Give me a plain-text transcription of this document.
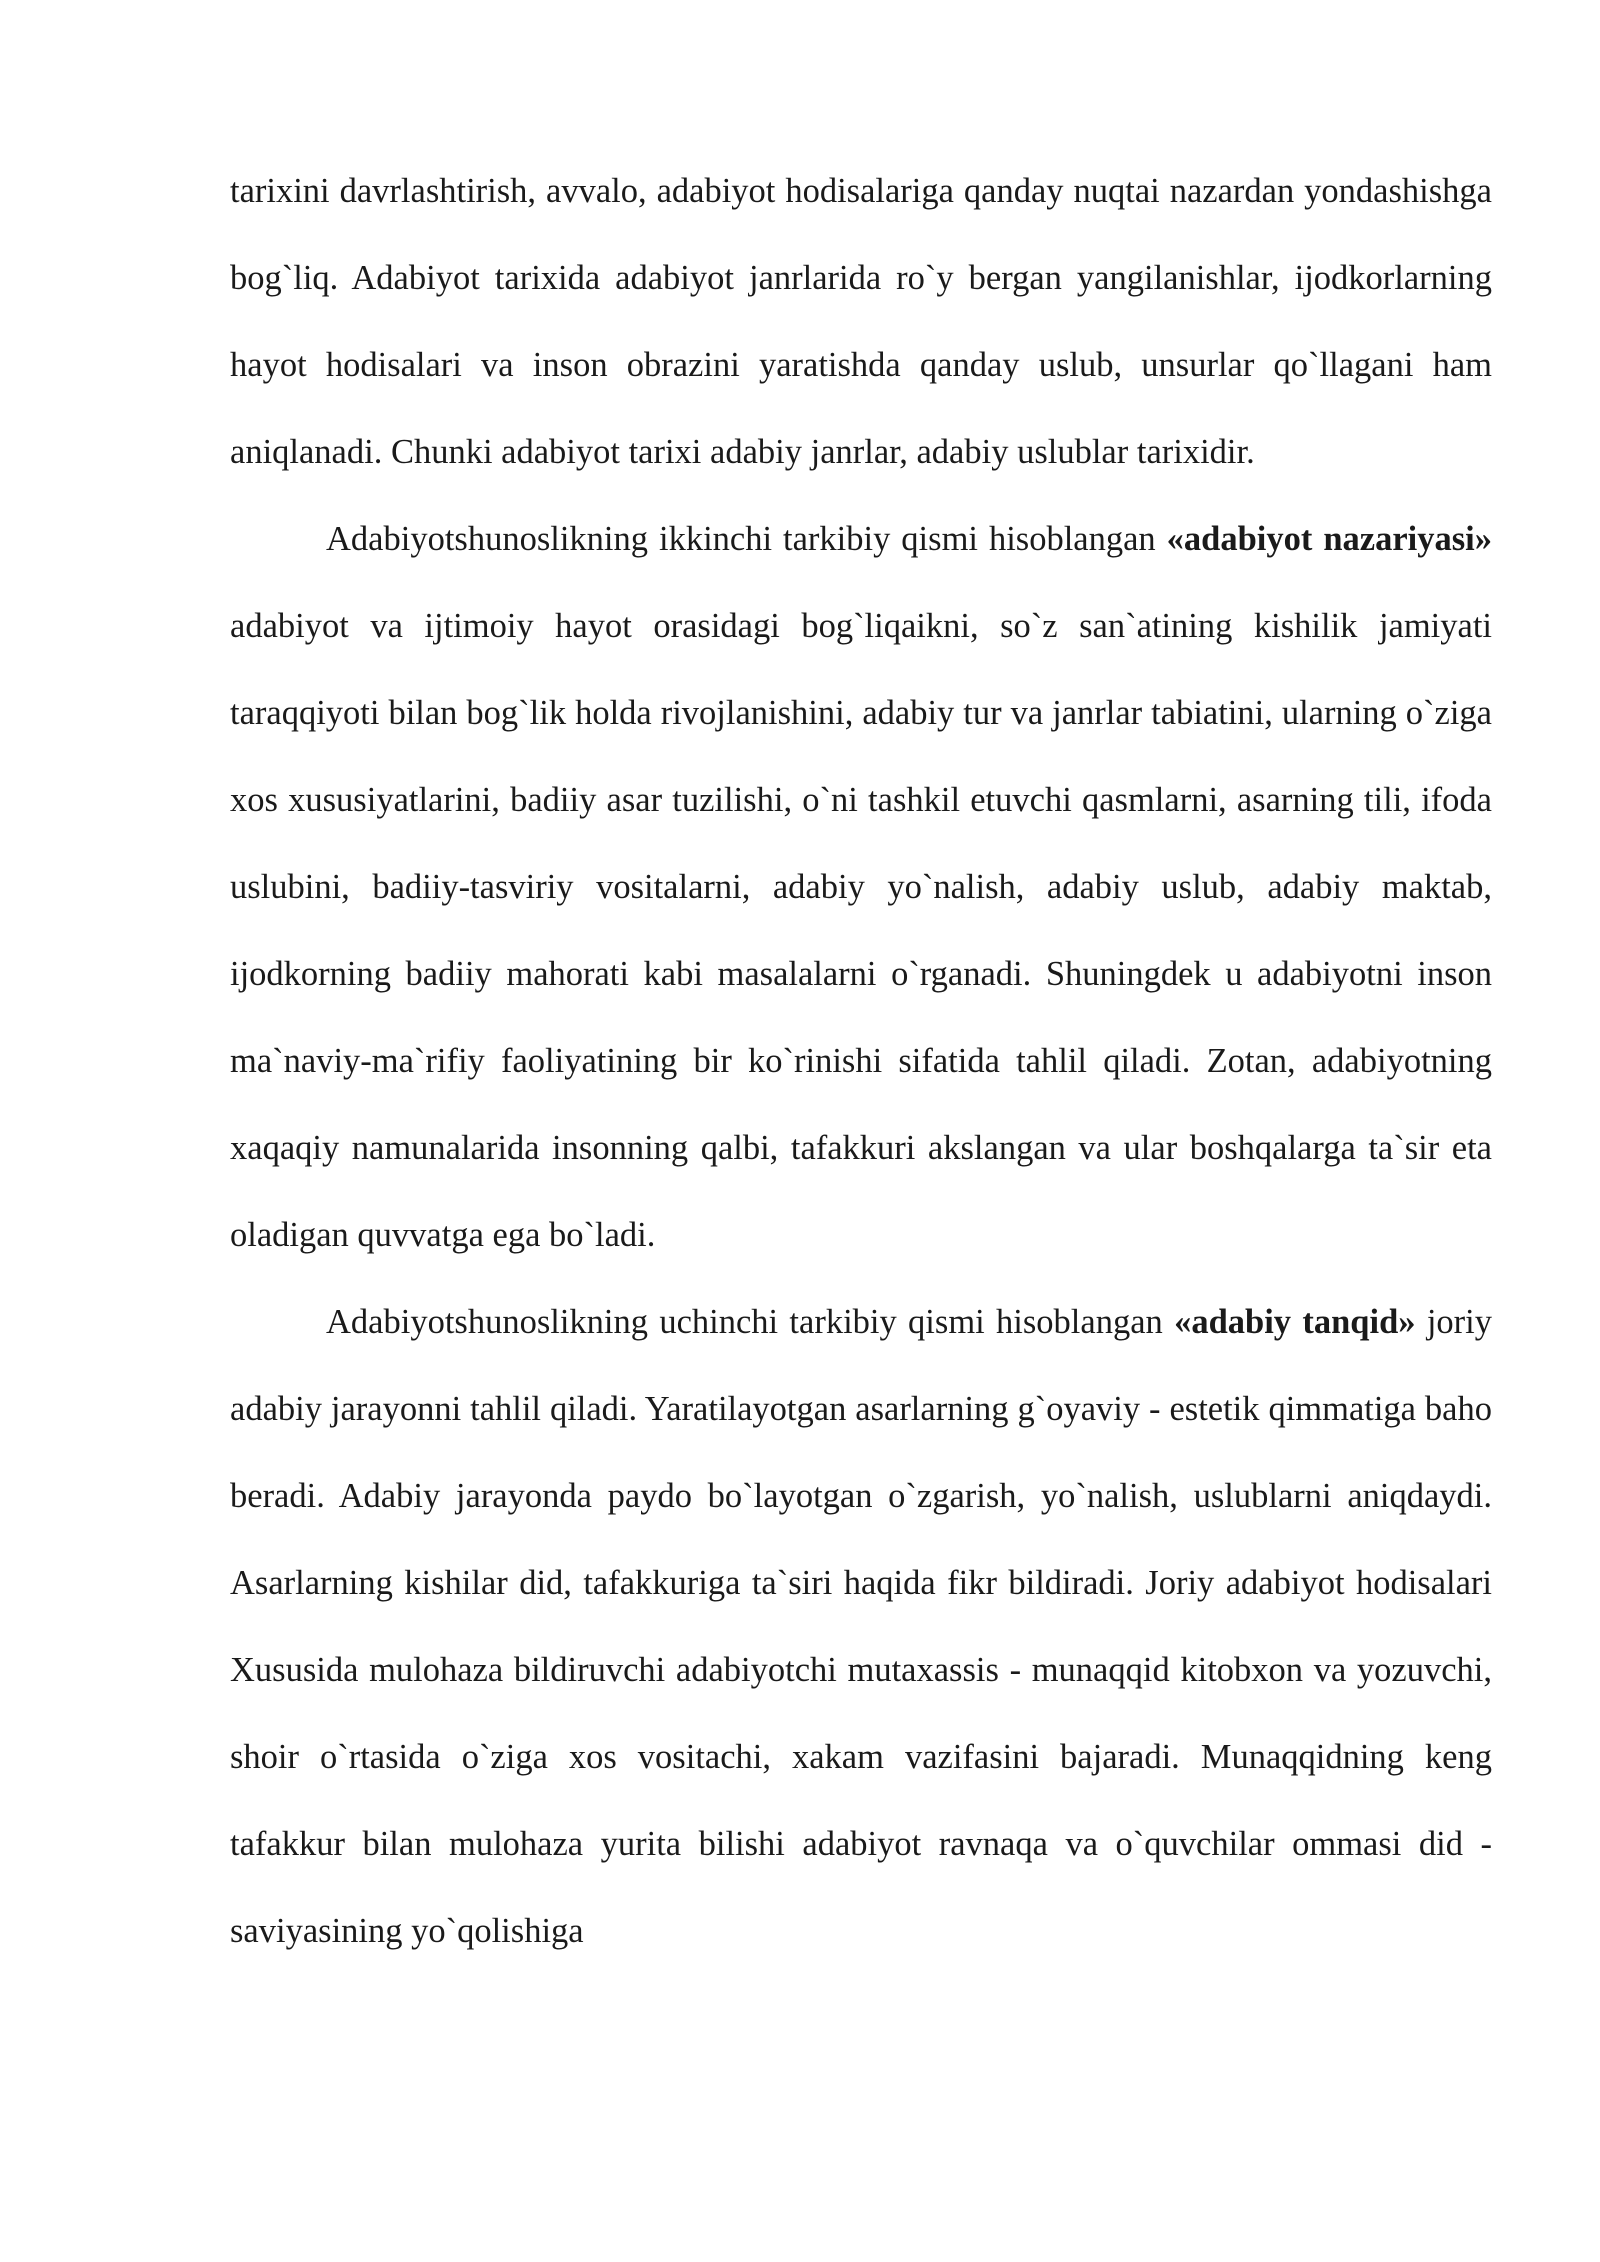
tarixini davrlashtirish, avvalo, adabiyot hodisalariga qanday nuqtai nazardan yondashishga bog`liq. Adabiyot tarixida adabiyot janrlarida ro`y bergan yangilanishlar, ijodkorlarning hayot hodisalari va inson obrazini yaratishda qanday uslub, unsurlar qo`llagani ham aniqlanadi. Chunki adabiyot tarixi adabiy janrlar, adabiy uslublar tarixidir.

Adabiyotshunoslikning ikkinchi tarkibiy qismi hisoblangan «adabiyot nazariyasi» adabiyot va ijtimoiy hayot orasidagi bog`liqaikni, so`z san`atining kishilik jamiyati taraqqiyoti bilan bog`lik holda rivojlanishini, adabiy tur va janrlar tabiatini, ularning o`ziga xos xususiyatlarini, badiiy asar tuzilishi, o`ni tashkil etuvchi qasmlarni, asarning tili, ifoda uslubini, badiiy-tasviriy vositalarni, adabiy yo`nalish, adabiy uslub, adabiy maktab, ijodkorning badiiy mahorati kabi masalalarni o`rganadi. Shuningdek u adabiyotni inson ma`naviy-ma`rifiy faoliyatining bir ko`rinishi sifatida tahlil qiladi. Zotan, adabiyotning xaqaqiy namunalarida insonning qalbi, tafakkuri akslangan va ular boshqalarga ta`sir eta oladigan quvvatga ega bo`ladi.

Adabiyotshunoslikning uchinchi tarkibiy qismi hisoblangan «adabiy tanqid» joriy adabiy jarayonni tahlil qiladi. Yaratilayotgan asarlarning g`oyaviy - estetik qimmatiga baho beradi. Adabiy jarayonda paydo bo`layotgan o`zgarish, yo`nalish, uslublarni aniqdaydi. Asarlarning kishilar did, tafakkuriga ta`siri haqida fikr bildiradi. Joriy adabiyot hodisalari Xususida mulohaza bildiruvchi adabiyotchi mutaxassis - munaqqid kitobxon va yozuvchi, shoir o`rtasida o`ziga xos vositachi, xakam vazifasini bajaradi. Munaqqidning keng tafakkur bilan mulohaza yurita bilishi adabiyot ravnaqa va o`quvchilar ommasi did - saviyasining yo`qolishiga
